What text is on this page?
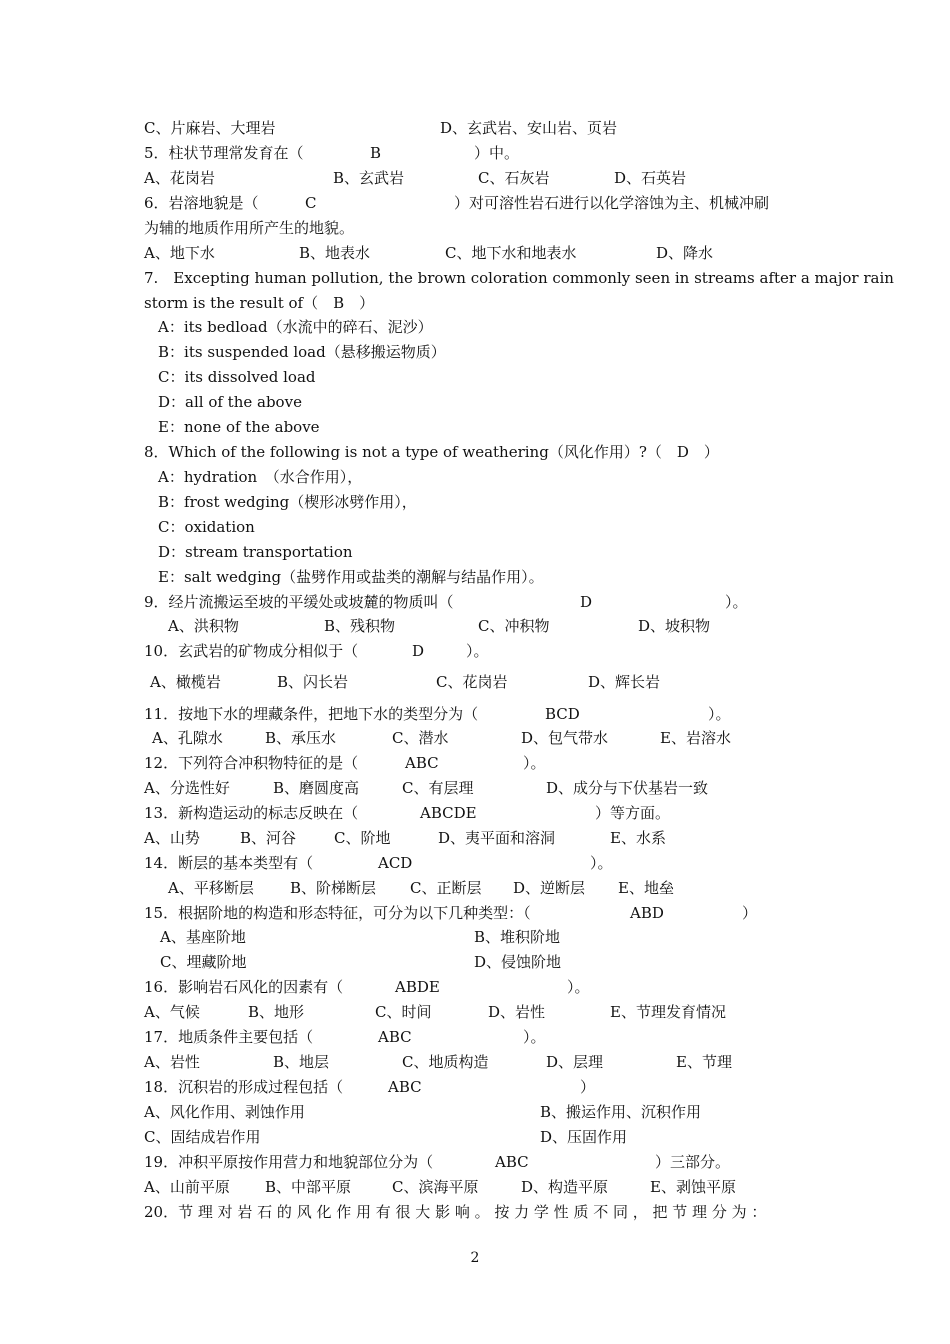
C、片麻岩、大理岩	D、玄武岩、安山岩、页岩
5．柱状节理常发育在（	B	）中。
A、花岗岩	B、玄武岩	C、石灰岩	D、石英岩
6．岩溶地貌是（	C	）对可溶性岩石进行以化学溶蚀为主、机械冲刷
为辅的地质作用所产生的地貌。
A、地下水	B、地表水	C、地下水和地表水	D、降水
7.　Excepting human pollution, the brown coloration commonly seen in streams after a major rain
storm is the result of（　B　）
A：its bedload（水流中的碎石、泥沙）
B：its suspended load（悬移搬运物质）
C：its dissolved load
D：all of the above
E：none of the above
8．Which of the following is not a type of weathering（风化作用）?（　D　）
A：hydration　（水合作用），
B：frost wedging（楔形冰劈作用），
C：oxidation
D：stream transportation
E：salt wedging（盐劈作用或盐类的潮解与结晶作用）。
9．经片流搬运至坡的平缓处或坡麓的物质叫（	D	）。
A、洪积物	B、残积物	C、冲积物	D、坡积物
10．玄武岩的矿物成分相似于（	D	）。
A、橄榄岩	B、闪长岩	C、花岗岩	D、辉长岩
11．按地下水的埋藏条件，把地下水的类型分为（	BCD	）。
A、孔隙水	B、承压水	C、潜水	D、包气带水	E、岩溶水
12．下列符合冲积物特征的是（	ABC	）。
A、分选性好	B、磨圆度高	C、有层理	D、成分与下伏基岩一致
13．新构造运动的标志反映在（	ABCDE	）等方面。
A、山势	B、河谷	C、阶地	D、夷平面和溶洞	E、水系
14．断层的基本类型有（	ACD	）。
A、平移断层 B、阶梯断层 C、正断层 D、逆断层 E、地垒
15．根据阶地的构造和形态特征，可分为以下几种类型：（	ABD	）
A、基座阶地	B、堆积阶地
C、埋藏阶地	D、侵蚀阶地
16．影响岩石风化的因素有（	ABDE	）。
A、气候	B、地形	C、时间	D、岩性	E、节理发育情况
17．地质条件主要包括（	ABC	）。
A、岩性	B、地层	C、地质构造	D、层理	E、节理
18．沉积岩的形成过程包括（	ABC	）
A、风化作用、剥蚀作用	B、搬运作用、沉积作用
C、固结成岩作用	D、压固作用
19．冲积平原按作用营力和地貌部位分为（	ABC	）三部分。
A、山前平原 B、中部平原	C、滨海平原	D、构造平原	E、剥蚀平原
20．节 理 对 岩 石 的 风 化 作 用 有 很 大 影 响 。 按 力 学 性 质 不 同 ， 把 节 理 分 为 ：
2
